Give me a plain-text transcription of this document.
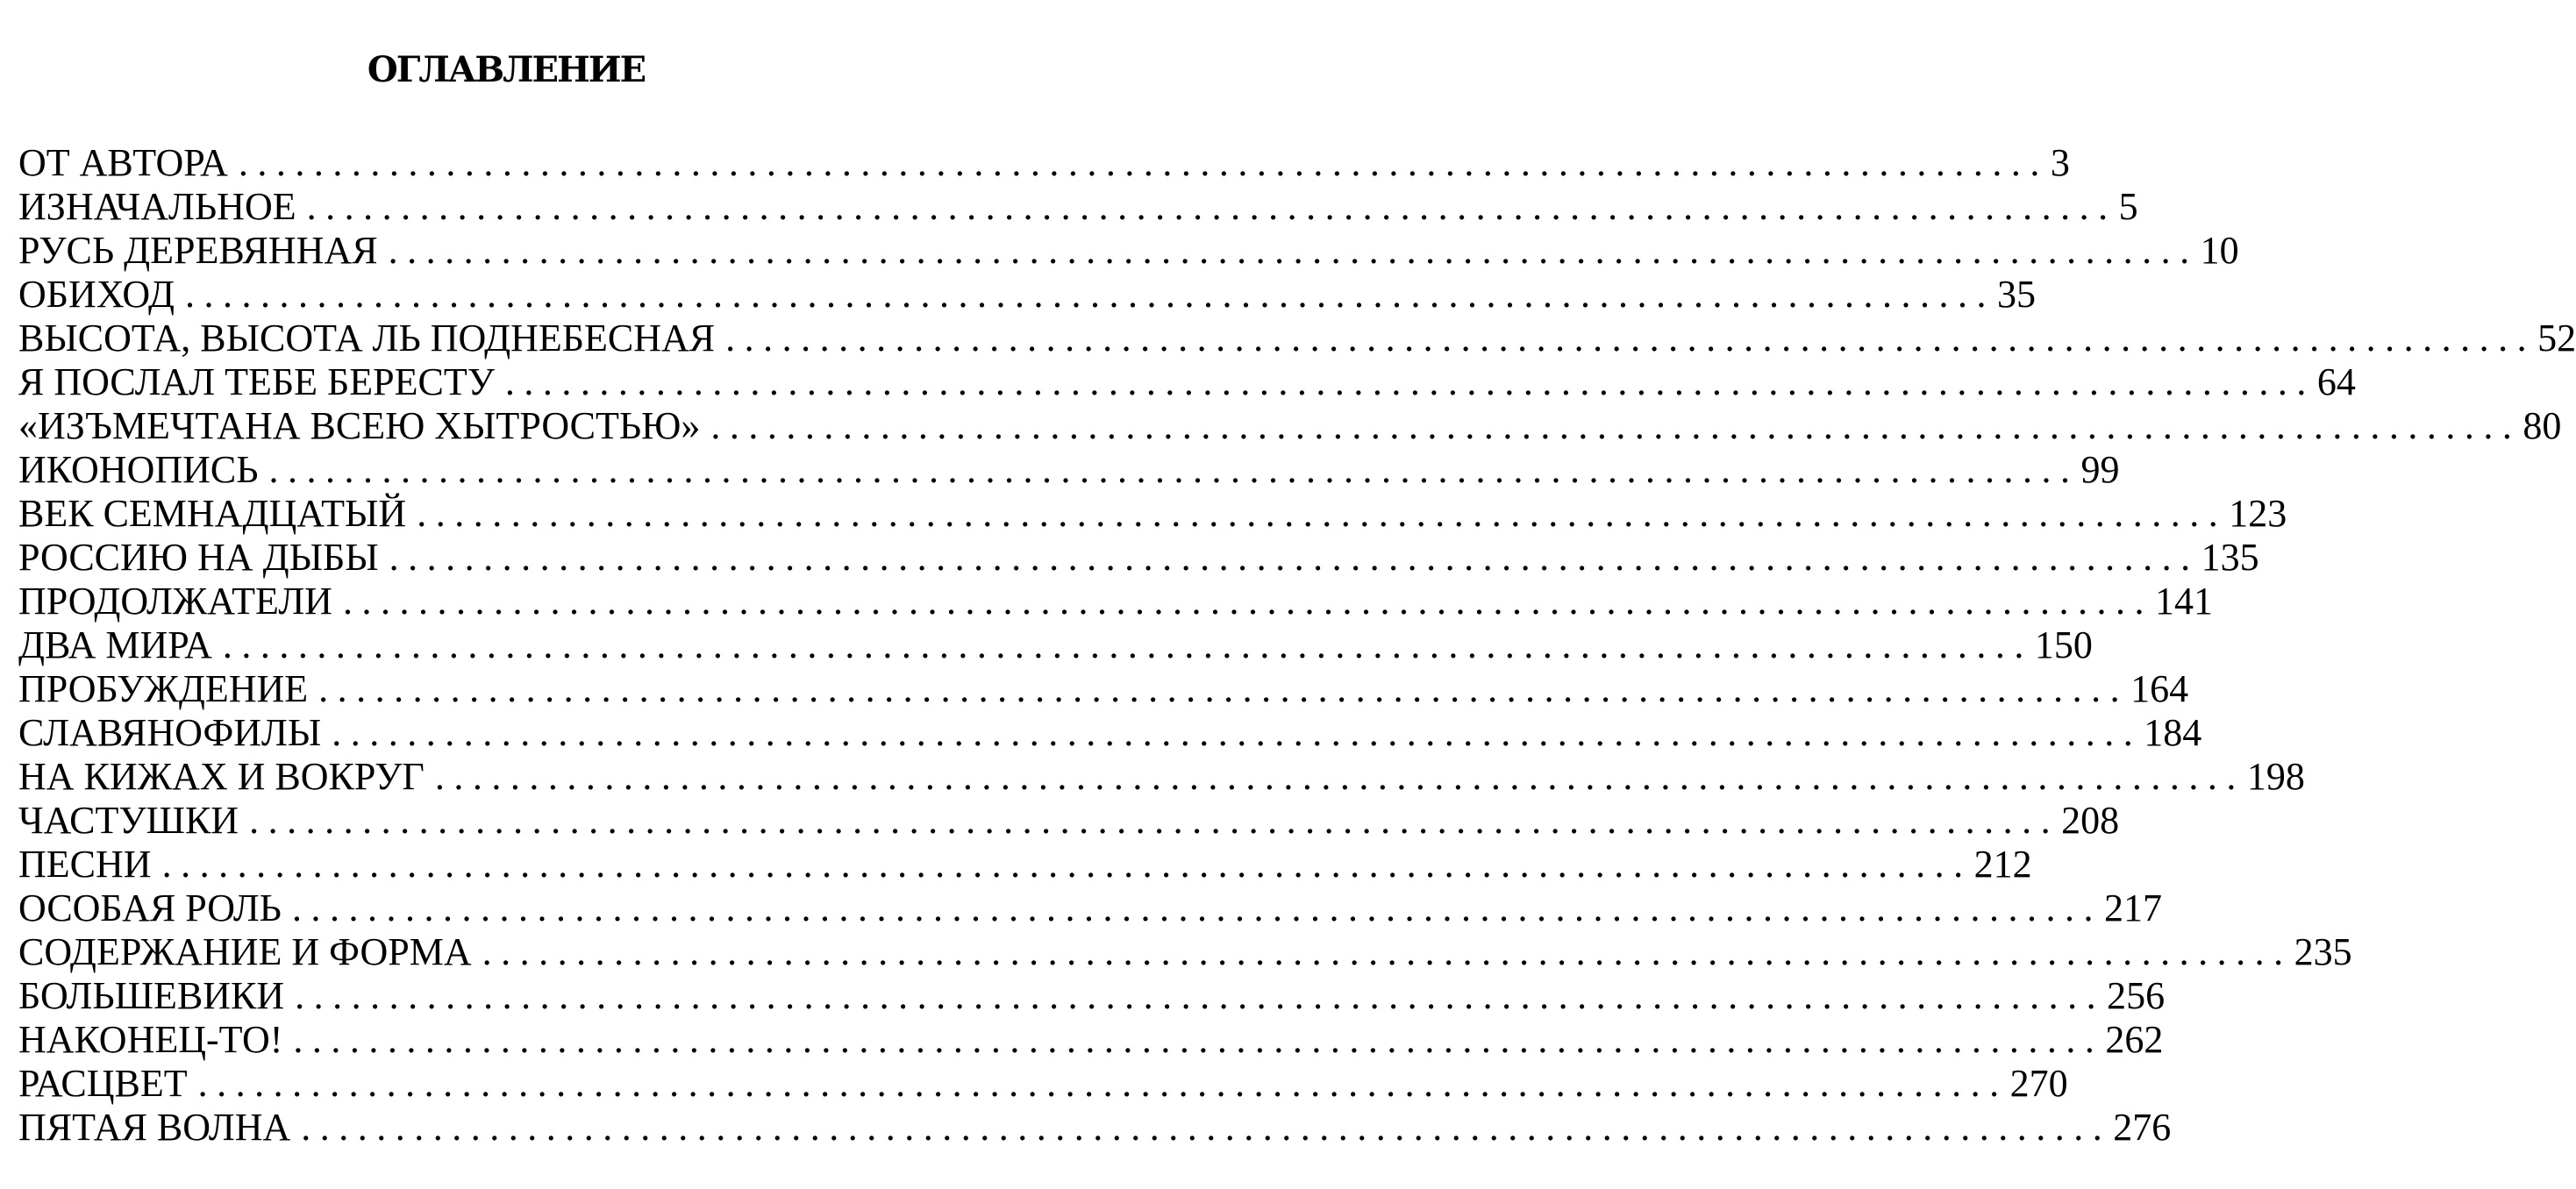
ОГЛАВЛЕНИЕ
ОТ АВТОРА ................................................................................................ 3
ИЗНАЧАЛЬНОЕ ................................................................................................ 5
РУСЬ ДЕРЕВЯННАЯ ................................................................................................ 10
ОБИХОД ................................................................................................ 35
ВЫСОТА, ВЫСОТА ЛЬ ПОДНЕБЕСНАЯ ................................................................................................ 52
Я ПОСЛАЛ ТЕБЕ БЕРЕСТУ ................................................................................................ 64
«ИЗЪМЕЧТАНА ВСЕЮ ХЫТРОСТЬЮ» ................................................................................................ 80
ИКОНОПИСЬ ................................................................................................ 99
ВЕК СЕМНАДЦАТЫЙ ................................................................................................ 123
РОССИЮ НА ДЫБЫ ................................................................................................ 135
ПРОДОЛЖАТЕЛИ ................................................................................................ 141
ДВА МИРА ................................................................................................ 150
ПРОБУЖДЕНИЕ ................................................................................................ 164
СЛАВЯНОФИЛЫ ................................................................................................ 184
НА КИЖАХ И ВОКРУГ ................................................................................................ 198
ЧАСТУШКИ ................................................................................................ 208
ПЕСНИ ................................................................................................ 212
ОСОБАЯ РОЛЬ ................................................................................................ 217
СОДЕРЖАНИЕ И ФОРМА ................................................................................................ 235
БОЛЬШЕВИКИ ................................................................................................ 256
НАКОНЕЦ-ТО! ................................................................................................ 262
РАСЦВЕТ ................................................................................................ 270
ПЯТАЯ ВОЛНА ................................................................................................ 276
